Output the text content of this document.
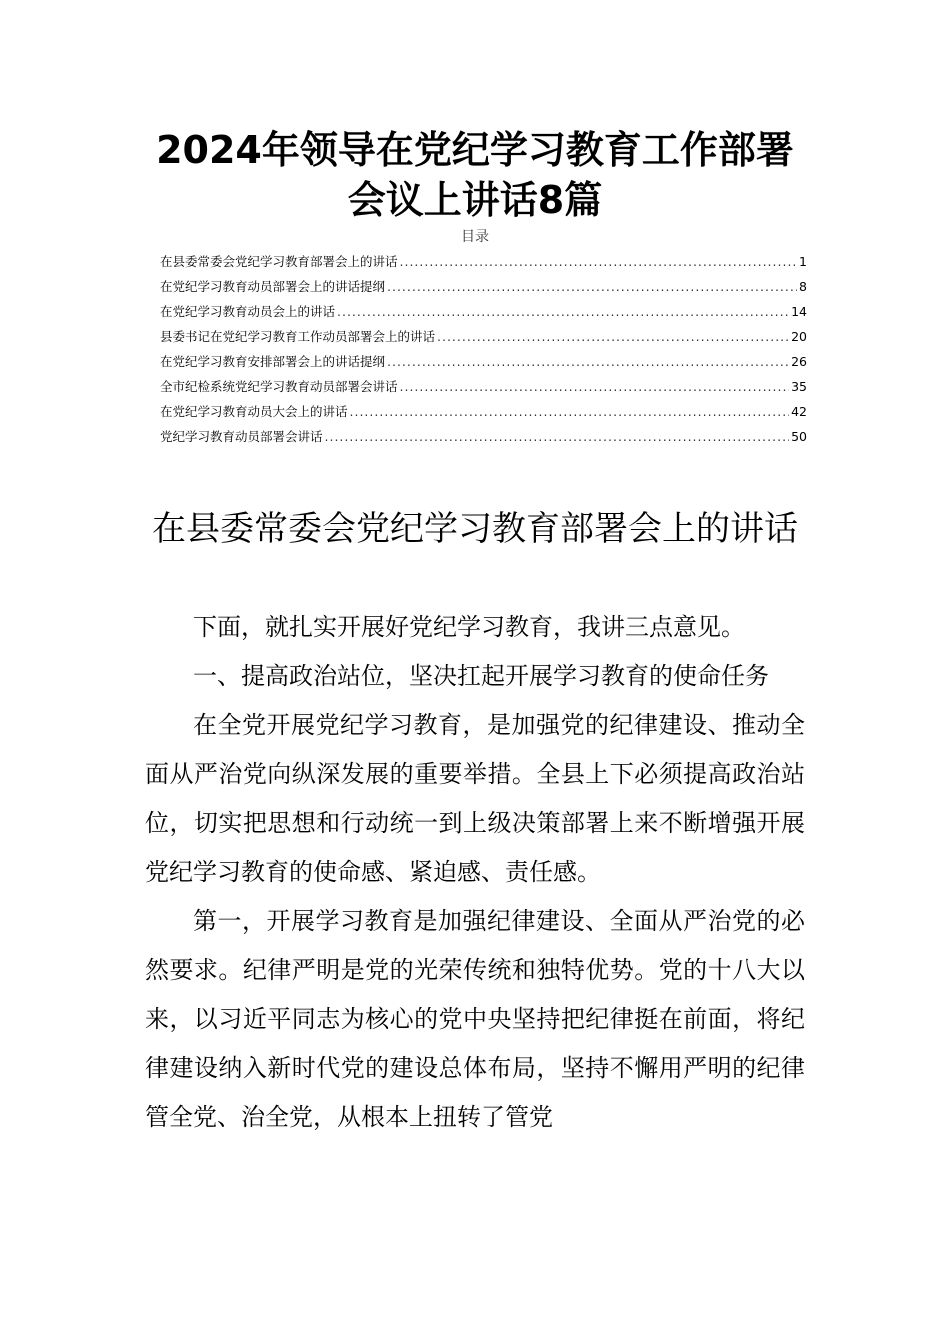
2024年领导在党纪学习教育工作部署会议上讲话8篇
目录
在县委常委会党纪学习教育部署会上的讲话 .....	1
在党纪学习教育动员部署会上的讲话提纲 .....	8
在党纪学习教育动员会上的讲话 .....	14
县委书记在党纪学习教育工作动员部署会上的讲话 .....	20
在党纪学习教育安排部署会上的讲话提纲 .....	26
全市纪检系统党纪学习教育动员部署会讲话 .....	35
在党纪学习教育动员大会上的讲话 .....	42
党纪学习教育动员部署会讲话 .....	50
在县委常委会党纪学习教育部署会上的讲话

下面，就扎实开展好党纪学习教育，我讲三点意见。

一、提高政治站位，坚决扛起开展学习教育的使命任务

在全党开展党纪学习教育，是加强党的纪律建设、推动全面从严治党向纵深发展的重要举措。全县上下必须提高政治站位，切实把思想和行动统一到上级决策部署上来不断增强开展党纪学习教育的使命感、紧迫感、责任感。

第一，开展学习教育是加强纪律建设、全面从严治党的必然要求。纪律严明是党的光荣传统和独特优势。党的十八大以来，以习近平同志为核心的党中央坚持把纪律挺在前面，将纪律建设纳入新时代党的建设总体布局，坚持不懈用严明的纪律管全党、治全党，从根本上扭转了管党
